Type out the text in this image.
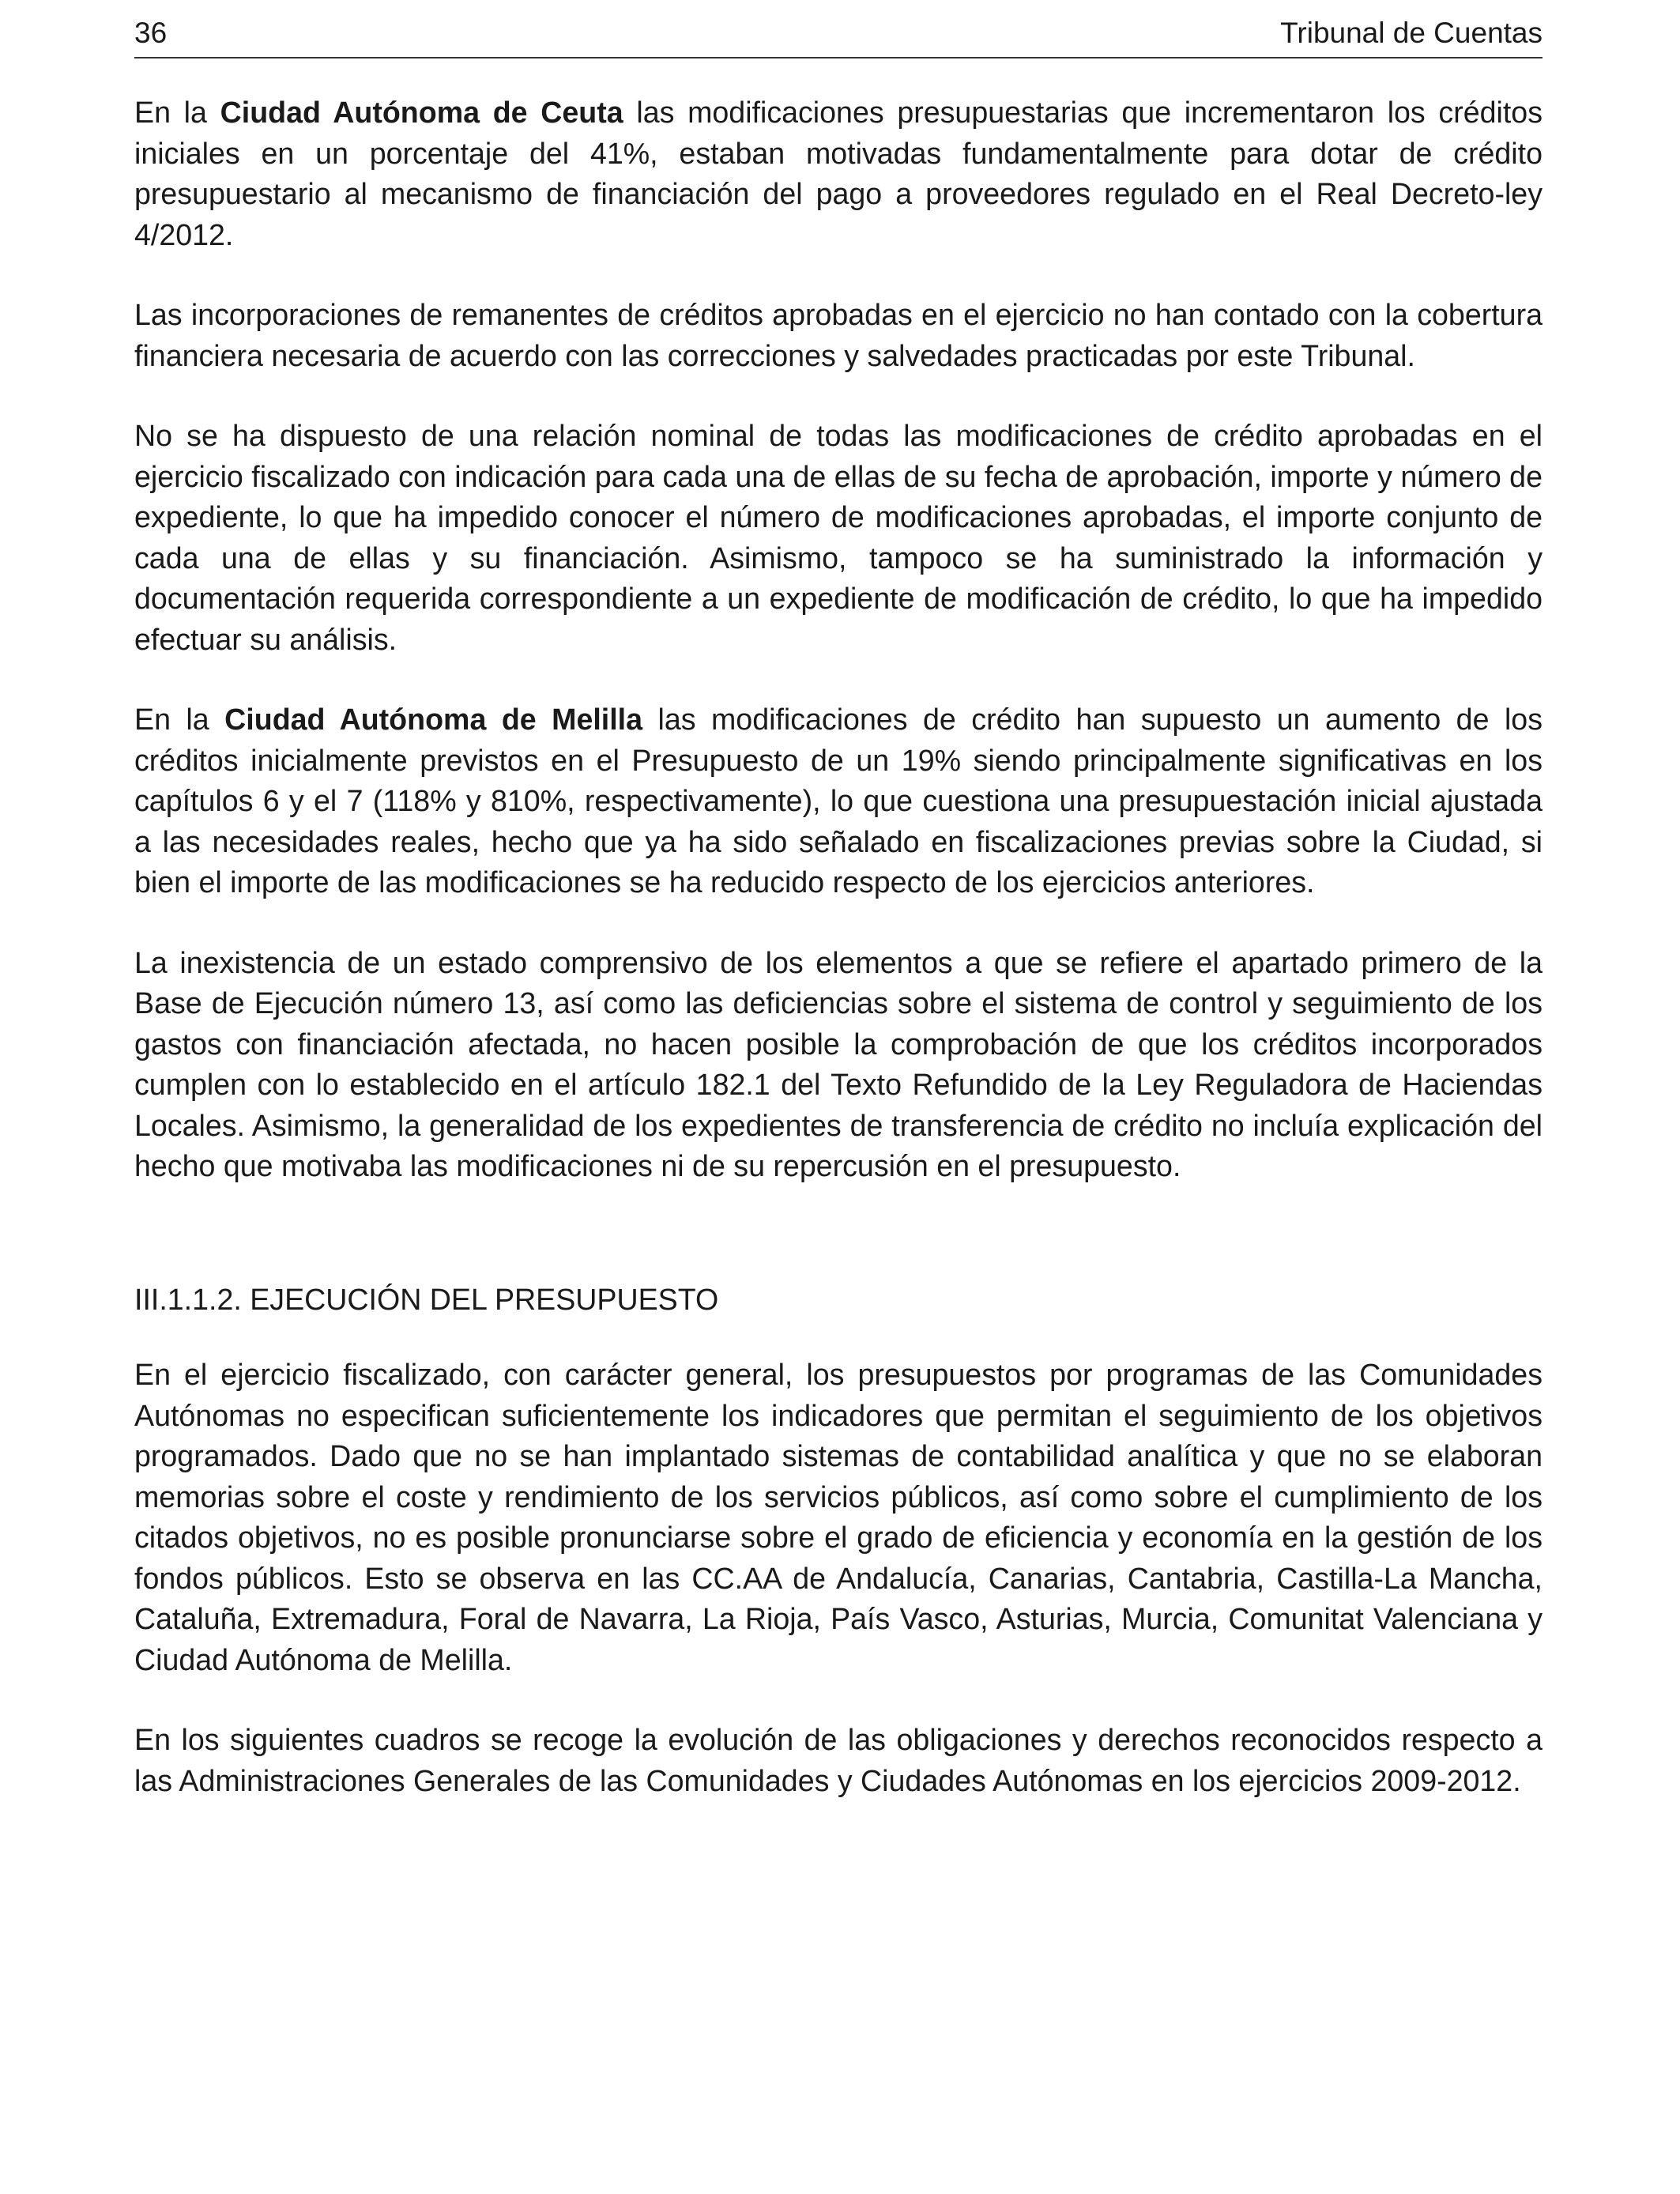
36	Tribunal de Cuentas

En la Ciudad Autónoma de Ceuta las modificaciones presupuestarias que incrementaron los créditos iniciales en un porcentaje del 41%, estaban motivadas fundamentalmente para dotar de crédito presupuestario al mecanismo de financiación del pago a proveedores regulado en el Real Decreto-ley 4/2012.

Las incorporaciones de remanentes de créditos aprobadas en el ejercicio no han contado con la cobertura financiera necesaria de acuerdo con las correcciones y salvedades practicadas por este Tribunal.

No se ha dispuesto de una relación nominal de todas las modificaciones de crédito aprobadas en el ejercicio fiscalizado con indicación para cada una de ellas de su fecha de aprobación, importe y número de expediente, lo que ha impedido conocer el número de modificaciones aprobadas, el importe conjunto de cada una de ellas y su financiación. Asimismo, tampoco se ha suministrado la información y documentación requerida correspondiente a un expediente de modificación de crédito, lo que ha impedido efectuar su análisis.

En la Ciudad Autónoma de Melilla las modificaciones de crédito han supuesto un aumento de los créditos inicialmente previstos en el Presupuesto de un 19% siendo principalmente significativas en los capítulos 6 y el 7 (118% y 810%, respectivamente), lo que cuestiona una presupuestación inicial ajustada a las necesidades reales, hecho que ya ha sido señalado en fiscalizaciones previas sobre la Ciudad, si bien el importe de las modificaciones se ha reducido respecto de los ejercicios anteriores.

La inexistencia de un estado comprensivo de los elementos a que se refiere el apartado primero de la Base de Ejecución número 13, así como las deficiencias sobre el sistema de control y seguimiento de los gastos con financiación afectada, no hacen posible la comprobación de que los créditos incorporados cumplen con lo establecido en el artículo 182.1 del Texto Refundido de la Ley Reguladora de Haciendas Locales. Asimismo, la generalidad de los expedientes de transferencia de crédito no incluía explicación del hecho que motivaba las modificaciones ni de su repercusión en el presupuesto.

III.1.1.2. EJECUCIÓN DEL PRESUPUESTO

En el ejercicio fiscalizado, con carácter general, los presupuestos por programas de las Comunidades Autónomas no especifican suficientemente los indicadores que permitan el seguimiento de los objetivos programados. Dado que no se han implantado sistemas de contabilidad analítica y que no se elaboran memorias sobre el coste y rendimiento de los servicios públicos, así como sobre el cumplimiento de los citados objetivos, no es posible pronunciarse sobre el grado de eficiencia y economía en la gestión de los fondos públicos. Esto se observa en las CC.AA de Andalucía, Canarias, Cantabria, Castilla-La Mancha, Cataluña, Extremadura, Foral de Navarra, La Rioja, País Vasco, Asturias, Murcia, Comunitat Valenciana y Ciudad Autónoma de Melilla.

En los siguientes cuadros se recoge la evolución de las obligaciones y derechos reconocidos respecto a las Administraciones Generales de las Comunidades y Ciudades Autónomas en los ejercicios 2009-2012.
